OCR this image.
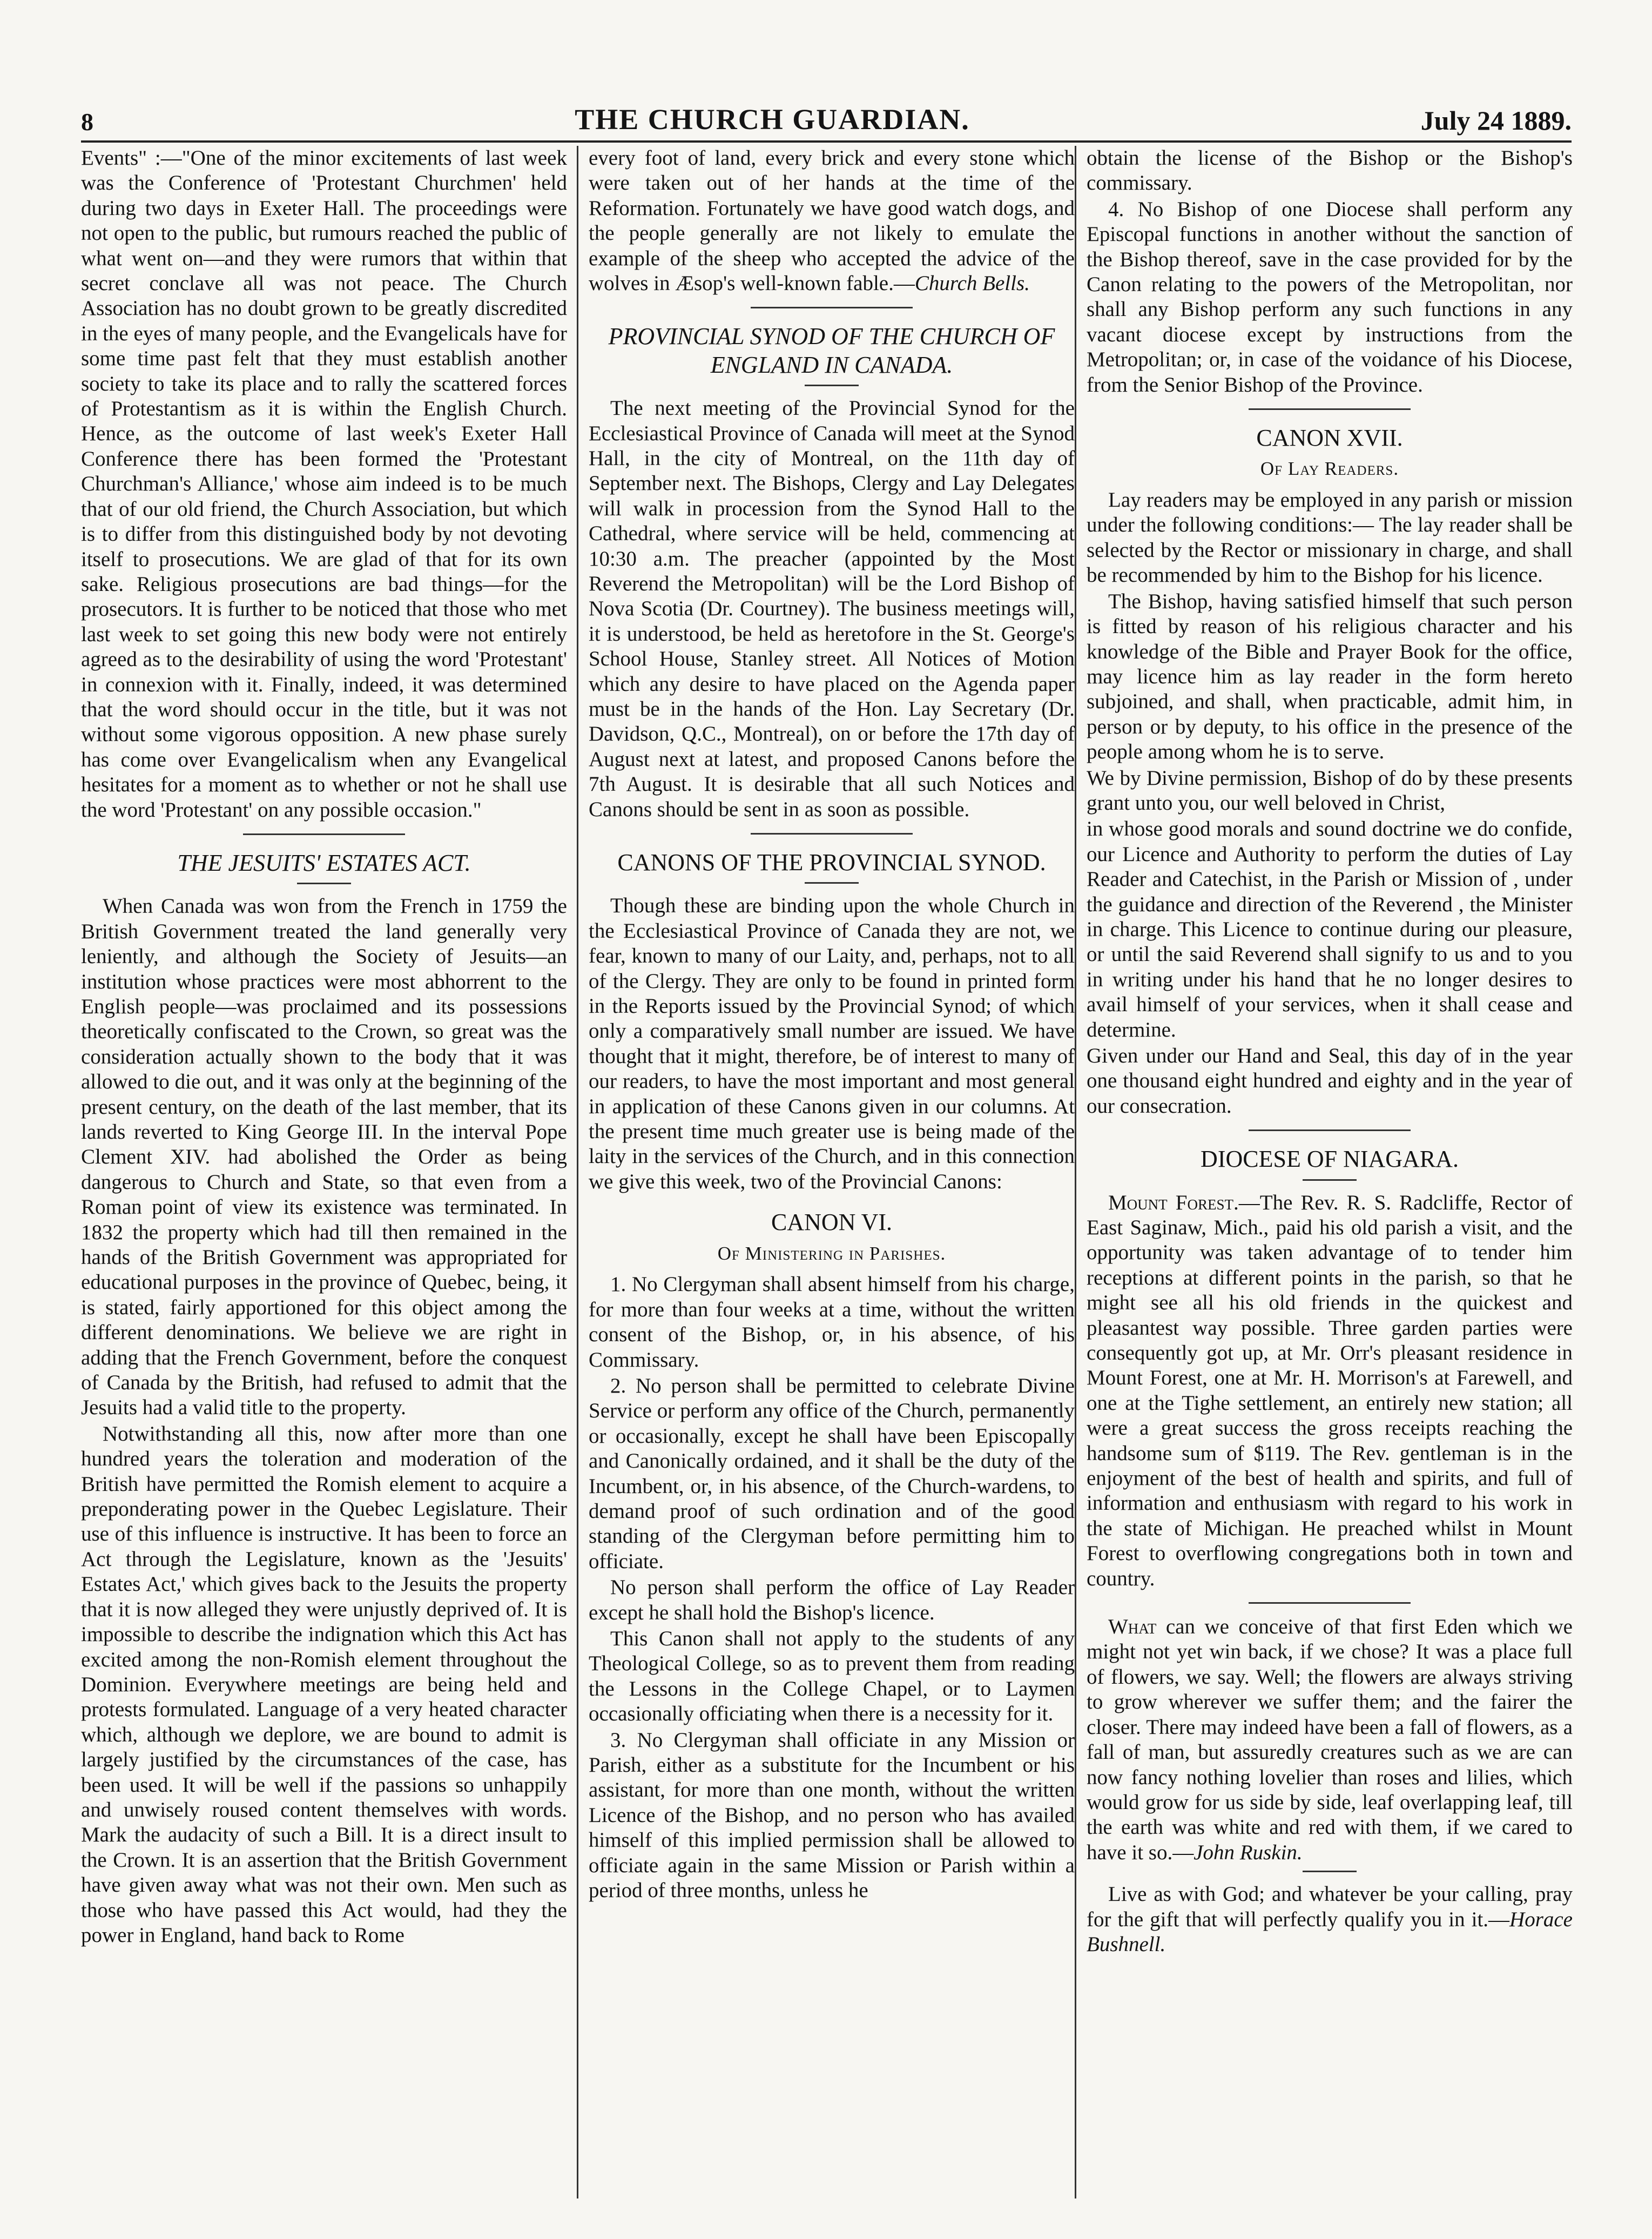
8	THE CHURCH GUARDIAN.	July 24 1889.

Events" :—"One of the minor excitements of last week was the Conference of 'Protestant Churchmen' held during two days in Exeter Hall. The proceedings were not open to the public, but rumours reached the public of what went on—and they were rumors that within that secret conclave all was not peace. The Church Association has no doubt grown to be greatly discredited in the eyes of many people, and the Evangelicals have for some time past felt that they must establish another society to take its place and to rally the scattered forces of Protestantism as it is within the English Church. Hence, as the outcome of last week's Exeter Hall Conference there has been formed the 'Protestant Churchman's Alliance,' whose aim indeed is to be much that of our old friend, the Church Association, but which is to differ from this distinguished body by not devoting itself to prosecutions. We are glad of that for its own sake. Religious prosecutions are bad things—for the prosecutors. It is further to be noticed that those who met last week to set going this new body were not entirely agreed as to the desirability of using the word 'Protestant' in connexion with it. Finally, indeed, it was determined that the word should occur in the title, but it was not without some vigorous opposition. A new phase surely has come over Evangelicalism when any Evangelical hesitates for a moment as to whether or not he shall use the word 'Protestant' on any possible occasion."

THE JESUITS' ESTATES ACT.

When Canada was won from the French in 1759 the British Government treated the land generally very leniently, and although the Society of Jesuits—an institution whose practices were most abhorrent to the English people—was proclaimed and its possessions theoretically confiscated to the Crown, so great was the consideration actually shown to the body that it was allowed to die out, and it was only at the beginning of the present century, on the death of the last member, that its lands reverted to King George III. In the interval Pope Clement XIV. had abolished the Order as being dangerous to Church and State, so that even from a Roman point of view its existence was terminated. In 1832 the property which had till then remained in the hands of the British Government was appropriated for educational purposes in the province of Quebec, being, it is stated, fairly apportioned for this object among the different denominations. We believe we are right in adding that the French Government, before the conquest of Canada by the British, had refused to admit that the Jesuits had a valid title to the property.

Notwithstanding all this, now after more than one hundred years the toleration and moderation of the British have permitted the Romish element to acquire a preponderating power in the Quebec Legislature. Their use of this influence is instructive. It has been to force an Act through the Legislature, known as the 'Jesuits' Estates Act,' which gives back to the Jesuits the property that it is now alleged they were unjustly deprived of. It is impossible to describe the indignation which this Act has excited among the non-Romish element throughout the Dominion. Everywhere meetings are being held and protests formulated. Language of a very heated character which, although we deplore, we are bound to admit is largely justified by the circumstances of the case, has been used. It will be well if the passions so unhappily and unwisely roused content themselves with words. Mark the audacity of such a Bill. It is a direct insult to the Crown. It is an assertion that the British Government have given away what was not their own. Men such as those who have passed this Act would, had they the power in England, hand back to Rome

every foot of land, every brick and every stone which were taken out of her hands at the time of the Reformation. Fortunately we have good watch dogs, and the people generally are not likely to emulate the example of the sheep who accepted the advice of the wolves in Æsop's well-known fable.—Church Bells.

PROVINCIAL SYNOD OF THE CHURCH OF ENGLAND IN CANADA.

The next meeting of the Provincial Synod for the Ecclesiastical Province of Canada will meet at the Synod Hall, in the city of Montreal, on the 11th day of September next. The Bishops, Clergy and Lay Delegates will walk in procession from the Synod Hall to the Cathedral, where service will be held, commencing at 10:30 a.m. The preacher (appointed by the Most Reverend the Metropolitan) will be the Lord Bishop of Nova Scotia (Dr. Courtney). The business meetings will, it is understood, be held as heretofore in the St. George's School House, Stanley street. All Notices of Motion which any desire to have placed on the Agenda paper must be in the hands of the Hon. Lay Secretary (Dr. Davidson, Q.C., Montreal), on or before the 17th day of August next at latest, and proposed Canons before the 7th August. It is desirable that all such Notices and Canons should be sent in as soon as possible.

CANONS OF THE PROVINCIAL SYNOD.

Though these are binding upon the whole Church in the Ecclesiastical Province of Canada they are not, we fear, known to many of our Laity, and, perhaps, not to all of the Clergy. They are only to be found in printed form in the Reports issued by the Provincial Synod; of which only a comparatively small number are issued. We have thought that it might, therefore, be of interest to many of our readers, to have the most important and most general in application of these Canons given in our columns. At the present time much greater use is being made of the laity in the services of the Church, and in this connection we give this week, two of the Provincial Canons:

CANON VI.
Of Ministering in Parishes.

1. No Clergyman shall absent himself from his charge, for more than four weeks at a time, without the written consent of the Bishop, or, in his absence, of his Commissary.

2. No person shall be permitted to celebrate Divine Service or perform any office of the Church, permanently or occasionally, except he shall have been Episcopally and Canonically ordained, and it shall be the duty of the Incumbent, or, in his absence, of the Church-wardens, to demand proof of such ordination and of the good standing of the Clergyman before permitting him to officiate.

No person shall perform the office of Lay Reader except he shall hold the Bishop's licence.

This Canon shall not apply to the students of any Theological College, so as to prevent them from reading the Lessons in the College Chapel, or to Laymen occasionally officiating when there is a necessity for it.

3. No Clergyman shall officiate in any Mission or Parish, either as a substitute for the Incumbent or his assistant, for more than one month, without the written Licence of the Bishop, and no person who has availed himself of this implied permission shall be allowed to officiate again in the same Mission or Parish within a period of three months, unless he

obtain the license of the Bishop or the Bishop's commissary.

4. No Bishop of one Diocese shall perform any Episcopal functions in another without the sanction of the Bishop thereof, save in the case provided for by the Canon relating to the powers of the Metropolitan, nor shall any Bishop perform any such functions in any vacant diocese except by instructions from the Metropolitan; or, in case of the voidance of his Diocese, from the Senior Bishop of the Province.

CANON XVII.
Of Lay Readers.

Lay readers may be employed in any parish or mission under the following conditions:— The lay reader shall be selected by the Rector or missionary in charge, and shall be recommended by him to the Bishop for his licence.

The Bishop, having satisfied himself that such person is fitted by reason of his religious character and his knowledge of the Bible and Prayer Book for the office, may licence him as lay reader in the form hereto subjoined, and shall, when practicable, admit him, in person or by deputy, to his office in the presence of the people among whom he is to serve.

We by Divine permission, Bishop of do by these presents grant unto you, our well beloved in Christ,

in whose good morals and sound doctrine we do confide, our Licence and Authority to perform the duties of Lay Reader and Catechist, in the Parish or Mission of , under the guidance and direction of the Reverend , the Minister in charge. This Licence to continue during our pleasure, or until the said Reverend shall signify to us and to you in writing under his hand that he no longer desires to avail himself of your services, when it shall cease and determine.

Given under our Hand and Seal, this day of in the year one thousand eight hundred and eighty and in the year of our consecration.

DIOCESE OF NIAGARA.

Mount Forest.—The Rev. R. S. Radcliffe, Rector of East Saginaw, Mich., paid his old parish a visit, and the opportunity was taken advantage of to tender him receptions at different points in the parish, so that he might see all his old friends in the quickest and pleasantest way possible. Three garden parties were consequently got up, at Mr. Orr's pleasant residence in Mount Forest, one at Mr. H. Morrison's at Farewell, and one at the Tighe settlement, an entirely new station; all were a great success the gross receipts reaching the handsome sum of $119. The Rev. gentleman is in the enjoyment of the best of health and spirits, and full of information and enthusiasm with regard to his work in the state of Michigan. He preached whilst in Mount Forest to overflowing congregations both in town and country.

What can we conceive of that first Eden which we might not yet win back, if we chose? It was a place full of flowers, we say. Well; the flowers are always striving to grow wherever we suffer them; and the fairer the closer. There may indeed have been a fall of flowers, as a fall of man, but assuredly creatures such as we are can now fancy nothing lovelier than roses and lilies, which would grow for us side by side, leaf overlapping leaf, till the earth was white and red with them, if we cared to have it so.—John Ruskin.

Live as with God; and whatever be your calling, pray for the gift that will perfectly qualify you in it.—Horace Bushnell.
